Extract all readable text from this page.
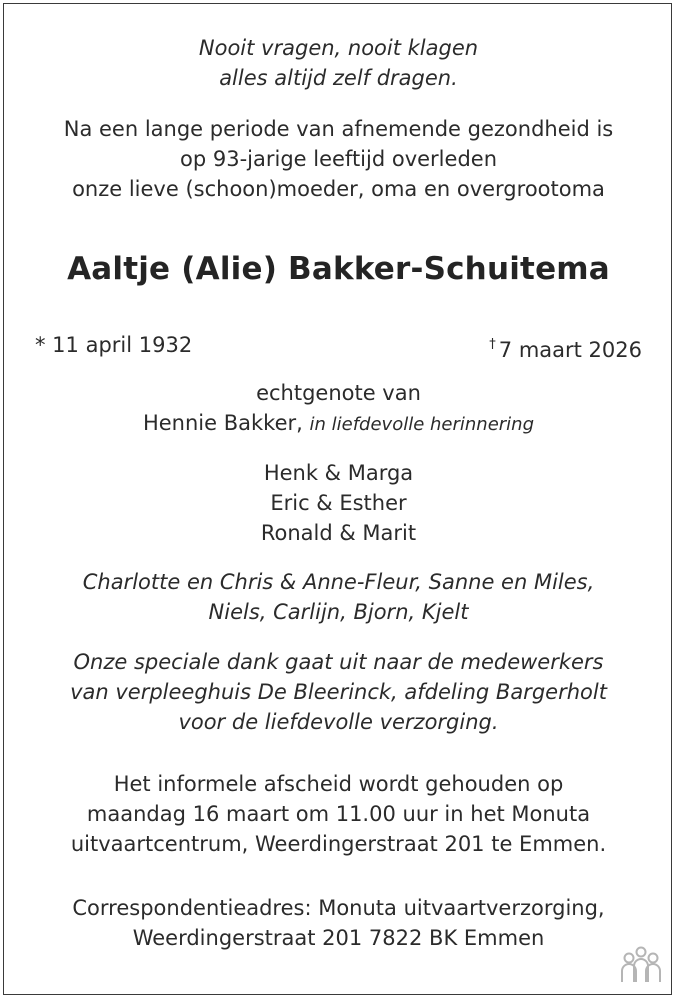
Nooit vragen, nooit klagen
alles altijd zelf dragen.
Na een lange periode van afnemende gezondheid is
op 93-jarige leeftijd overleden
onze lieve (schoon)moeder, oma en overgrootoma
Aaltje (Alie) Bakker-Schuitema
* 11 april 1932	† 7 maart 2026
echtgenote van
Hennie Bakker, in liefdevolle herinnering
Henk & Marga
Eric & Esther
Ronald & Marit
Charlotte en Chris & Anne-Fleur, Sanne en Miles,
Niels, Carlijn, Bjorn, Kjelt
Onze speciale dank gaat uit naar de medewerkers
van verpleeghuis De Bleerinck, afdeling Bargerholt
voor de liefdevolle verzorging.
Het informele afscheid wordt gehouden op
maandag 16 maart om 11.00 uur in het Monuta
uitvaartcentrum, Weerdingerstraat 201 te Emmen.
Correspondentieadres: Monuta uitvaartverzorging,
Weerdingerstraat 201 7822 BK Emmen
